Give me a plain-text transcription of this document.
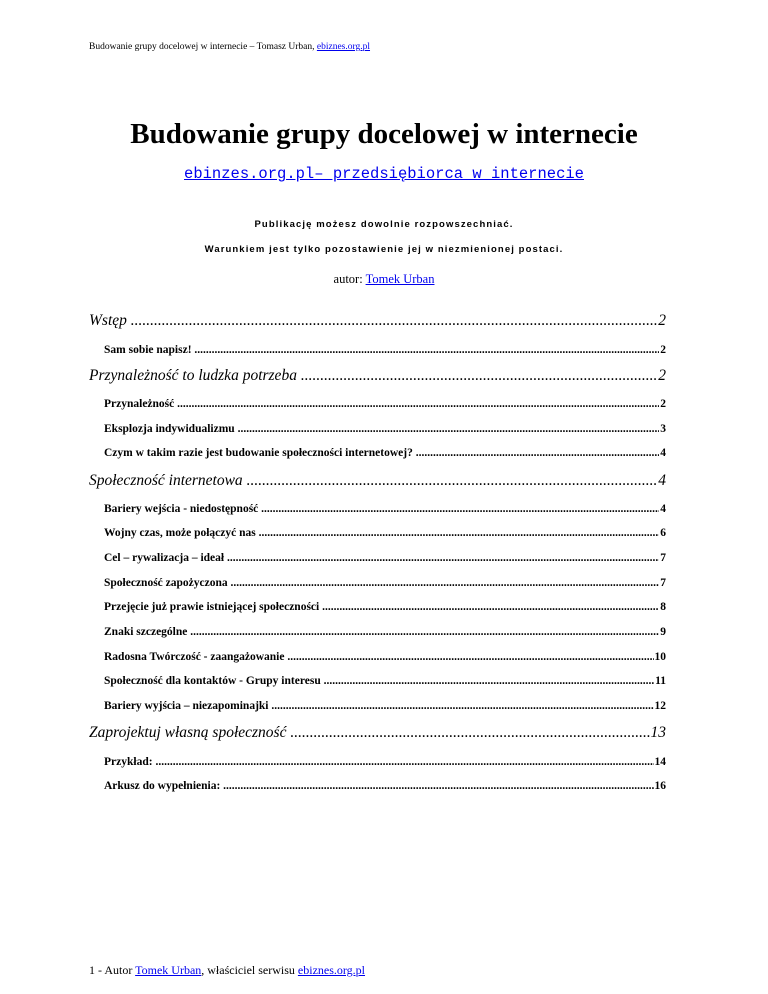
Budowanie grupy docelowej w internecie – Tomasz Urban, ebiznes.org.pl
Budowanie grupy docelowej w internecie
ebinzes.org.pl– przedsiębiorca w internecie
Publikację możesz dowolnie rozpowszechniać.
Warunkiem jest tylko pozostawienie jej w niezmienionej postaci.
autor: Tomek Urban
Wstęp .....	2
Sam sobie napisz! .....	2
Przynależność to ludzka potrzeba .....	2
Przynależność .....	2
Eksplozja indywidualizmu .....	3
Czym w takim razie jest budowanie społeczności internetowej? .....	4
Społeczność internetowa .....	4
Bariery wejścia - niedostępność .....	4
Wojny czas, może połączyć nas .....	6
Cel – rywalizacja – ideał .....	7
Społeczność zapożyczona .....	7
Przejęcie już prawie istniejącej społeczności .....	8
Znaki szczególne .....	9
Radosna Twórczość - zaangażowanie .....	10
Społeczność dla kontaktów - Grupy interesu .....	11
Bariery wyjścia – niezapominajki .....	12
Zaprojektuj własną społeczność .....	13
Przykład: .....	14
Arkusz do wypełnienia: .....	16
1 - Autor Tomek Urban, właściciel serwisu ebiznes.org.pl
